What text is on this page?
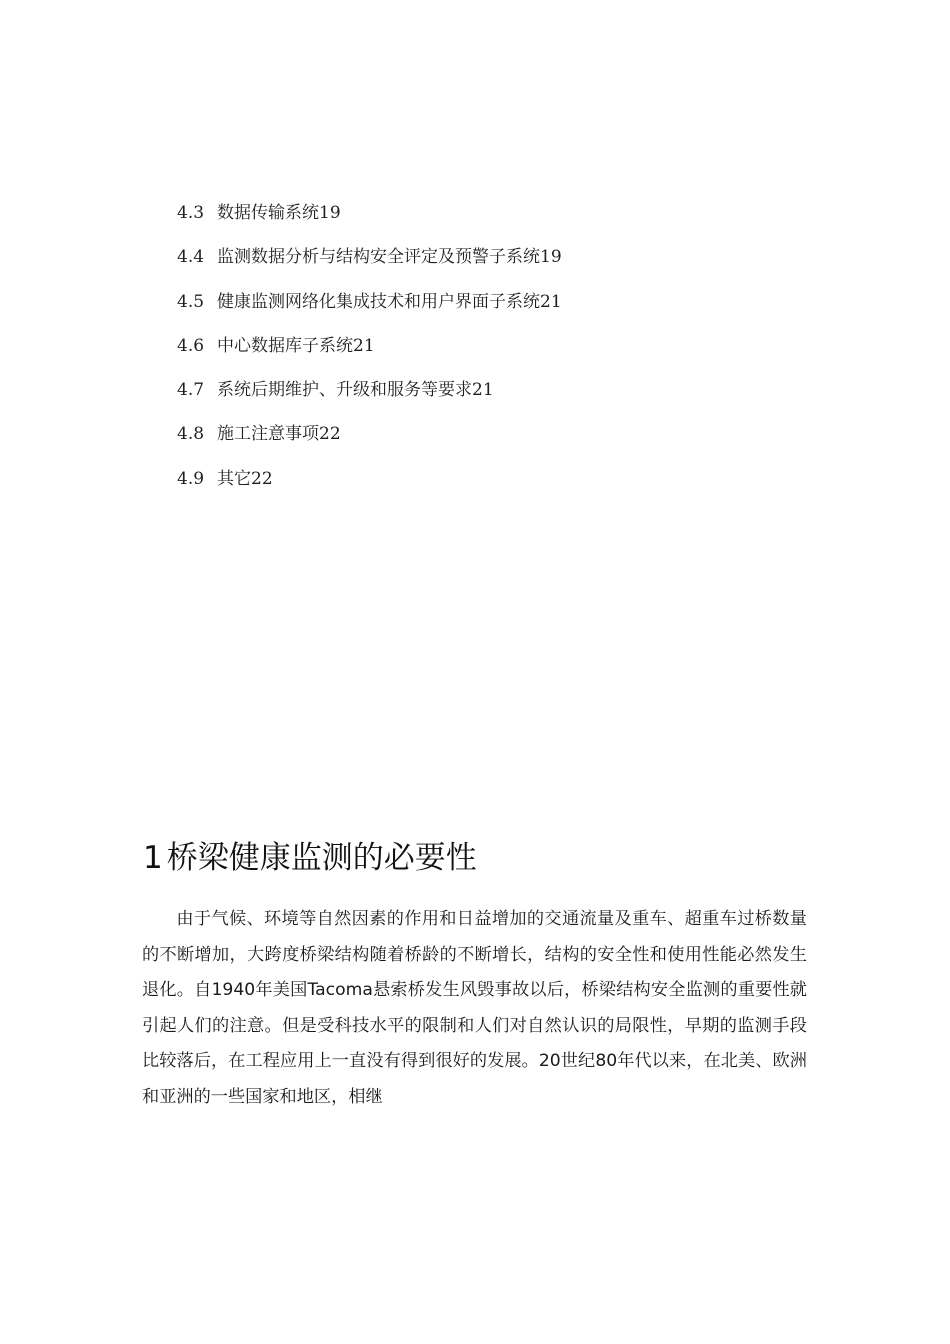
4.3 数据传输系统19
4.4 监测数据分析与结构安全评定及预警子系统19
4.5 健康监测网络化集成技术和用户界面子系统21
4.6 中心数据库子系统21
4.7 系统后期维护、升级和服务等要求21
4.8 施工注意事项22
4.9 其它22
1 桥梁健康监测的必要性

由于气候、环境等自然因素的作用和日益增加的交通流量及重车、超重车过桥数量的不断增加，大跨度桥梁结构随着桥龄的不断增长，结构的安全性和使用性能必然发生退化。自1940年美国Tacoma悬索桥发生风毁事故以后，桥梁结构安全监测的重要性就引起人们的注意。但是受科技水平的限制和人们对自然认识的局限性，早期的监测手段比较落后，在工程应用上一直没有得到很好的发展。20世纪80年代以来，在北美、欧洲和亚洲的一些国家和地区，相继
